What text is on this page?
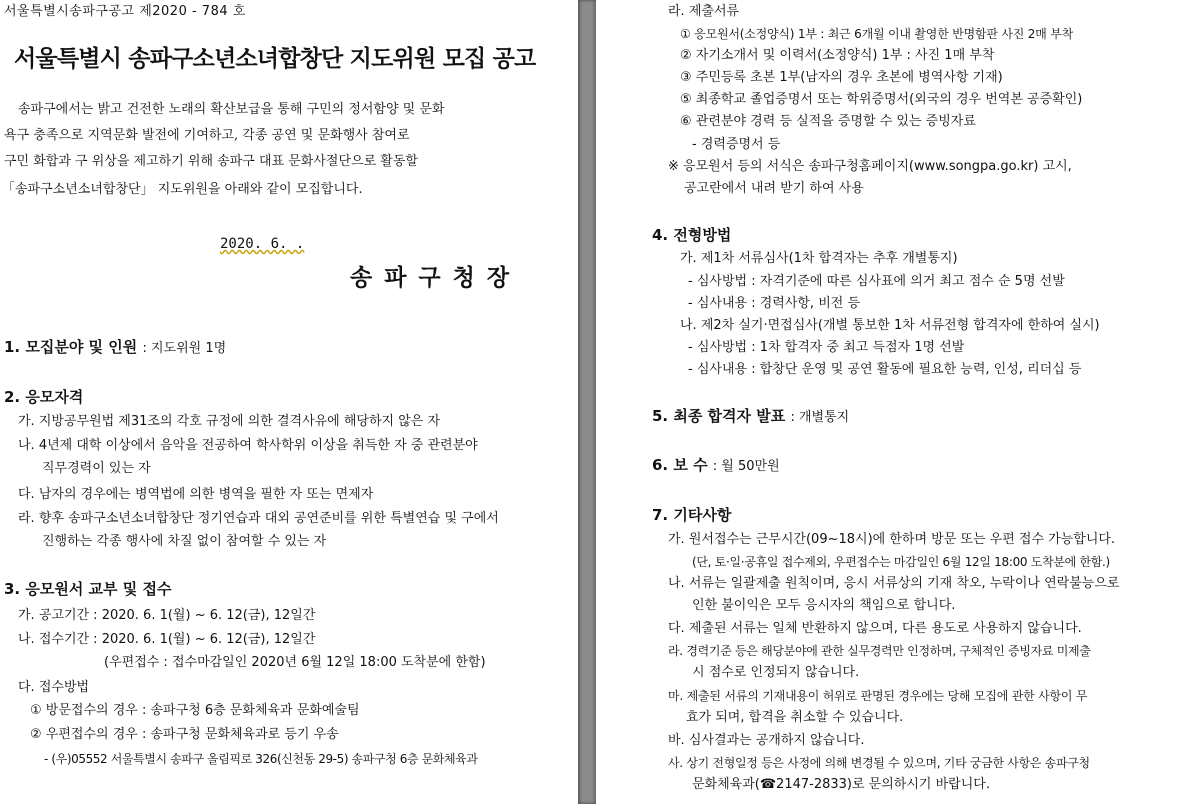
서울특별시송파구공고 제2020 - 784 호
서울특별시 송파구소년소녀합창단 지도위원 모집 공고
송파구에서는 밝고 건전한 노래의 확산보급을 통해 구민의 정서함양 및 문화
욕구 충족으로 지역문화 발전에 기여하고, 각종 공연 및 문화행사 참여로
구민 화합과 구 위상을 제고하기 위해 송파구 대표 문화사절단으로 활동할
「송파구소년소녀합창단」 지도위원을 아래와 같이 모집합니다.
2020. 6. .
송파구청장
1. 모집분야 및 인원 : 지도위원 1명
2. 응모자격
가. 지방공무원법 제31조의 각호 규정에 의한 결격사유에 해당하지 않은 자
나. 4년제 대학 이상에서 음악을 전공하여 학사학위 이상을 취득한 자 중 관련분야
직무경력이 있는 자
다. 남자의 경우에는 병역법에 의한 병역을 필한 자 또는 면제자
라. 향후 송파구소년소녀합창단 정기연습과 대외 공연준비를 위한 특별연습 및 구에서
진행하는 각종 행사에 차질 없이 참여할 수 있는 자
3. 응모원서 교부 및 접수
가. 공고기간 : 2020. 6. 1(월) ~ 6. 12(금), 12일간
나. 접수기간 : 2020. 6. 1(월) ~ 6. 12(금), 12일간
(우편접수 : 접수마감일인 2020년 6월 12일 18:00 도착분에 한함)
다. 접수방법
① 방문접수의 경우 : 송파구청 6층 문화체육과 문화예술팀
② 우편접수의 경우 : 송파구청 문화체육과로 등기 우송
- (우)05552 서울특별시 송파구 올림픽로 326(신천동 29-5) 송파구청 6층 문화체육과
라. 제출서류
① 응모원서(소정양식) 1부 : 최근 6개월 이내 촬영한 반명함판 사진 2매 부착
② 자기소개서 및 이력서(소정양식) 1부 : 사진 1매 부착
③ 주민등록 초본 1부(남자의 경우 초본에 병역사항 기재)
⑤ 최종학교 졸업증명서 또는 학위증명서(외국의 경우 번역본 공증확인)
⑥ 관련분야 경력 등 실적을 증명할 수 있는 증빙자료
- 경력증명서 등
※ 응모원서 등의 서식은 송파구청홈페이지(www.songpa.go.kr) 고시,
공고란에서 내려 받기 하여 사용
4. 전형방법
가. 제1차 서류심사(1차 합격자는 추후 개별통지)
- 심사방법 : 자격기준에 따른 심사표에 의거 최고 점수 순 5명 선발
- 심사내용 : 경력사항, 비전 등
나. 제2차 실기·면접심사(개별 통보한 1차 서류전형 합격자에 한하여 실시)
- 심사방법 : 1차 합격자 중 최고 득점자 1명 선발
- 심사내용 : 합창단 운영 및 공연 활동에 필요한 능력, 인성, 리더십 등
5. 최종 합격자 발표 : 개별통지
6. 보 수 : 월 50만원
7. 기타사항
가. 원서접수는 근무시간(09~18시)에 한하며 방문 또는 우편 접수 가능합니다.
(단, 토·일·공휴일 접수제외, 우편접수는 마감일인 6월 12일 18:00 도착분에 한함.)
나. 서류는 일괄제출 원칙이며, 응시 서류상의 기재 착오, 누락이나 연락불능으로
인한 불이익은 모두 응시자의 책임으로 합니다.
다. 제출된 서류는 일체 반환하지 않으며, 다른 용도로 사용하지 않습니다.
라. 경력기준 등은 해당분야에 관한 실무경력만 인정하며, 구체적인 증빙자료 미제출
시 점수로 인정되지 않습니다.
마. 제출된 서류의 기재내용이 허위로 판명된 경우에는 당해 모집에 관한 사항이 무
효가 되며, 합격을 취소할 수 있습니다.
바. 심사결과는 공개하지 않습니다.
사. 상기 전형일정 등은 사정에 의해 변경될 수 있으며, 기타 궁금한 사항은 송파구청
문화체육과(☎2147-2833)로 문의하시기 바랍니다.
